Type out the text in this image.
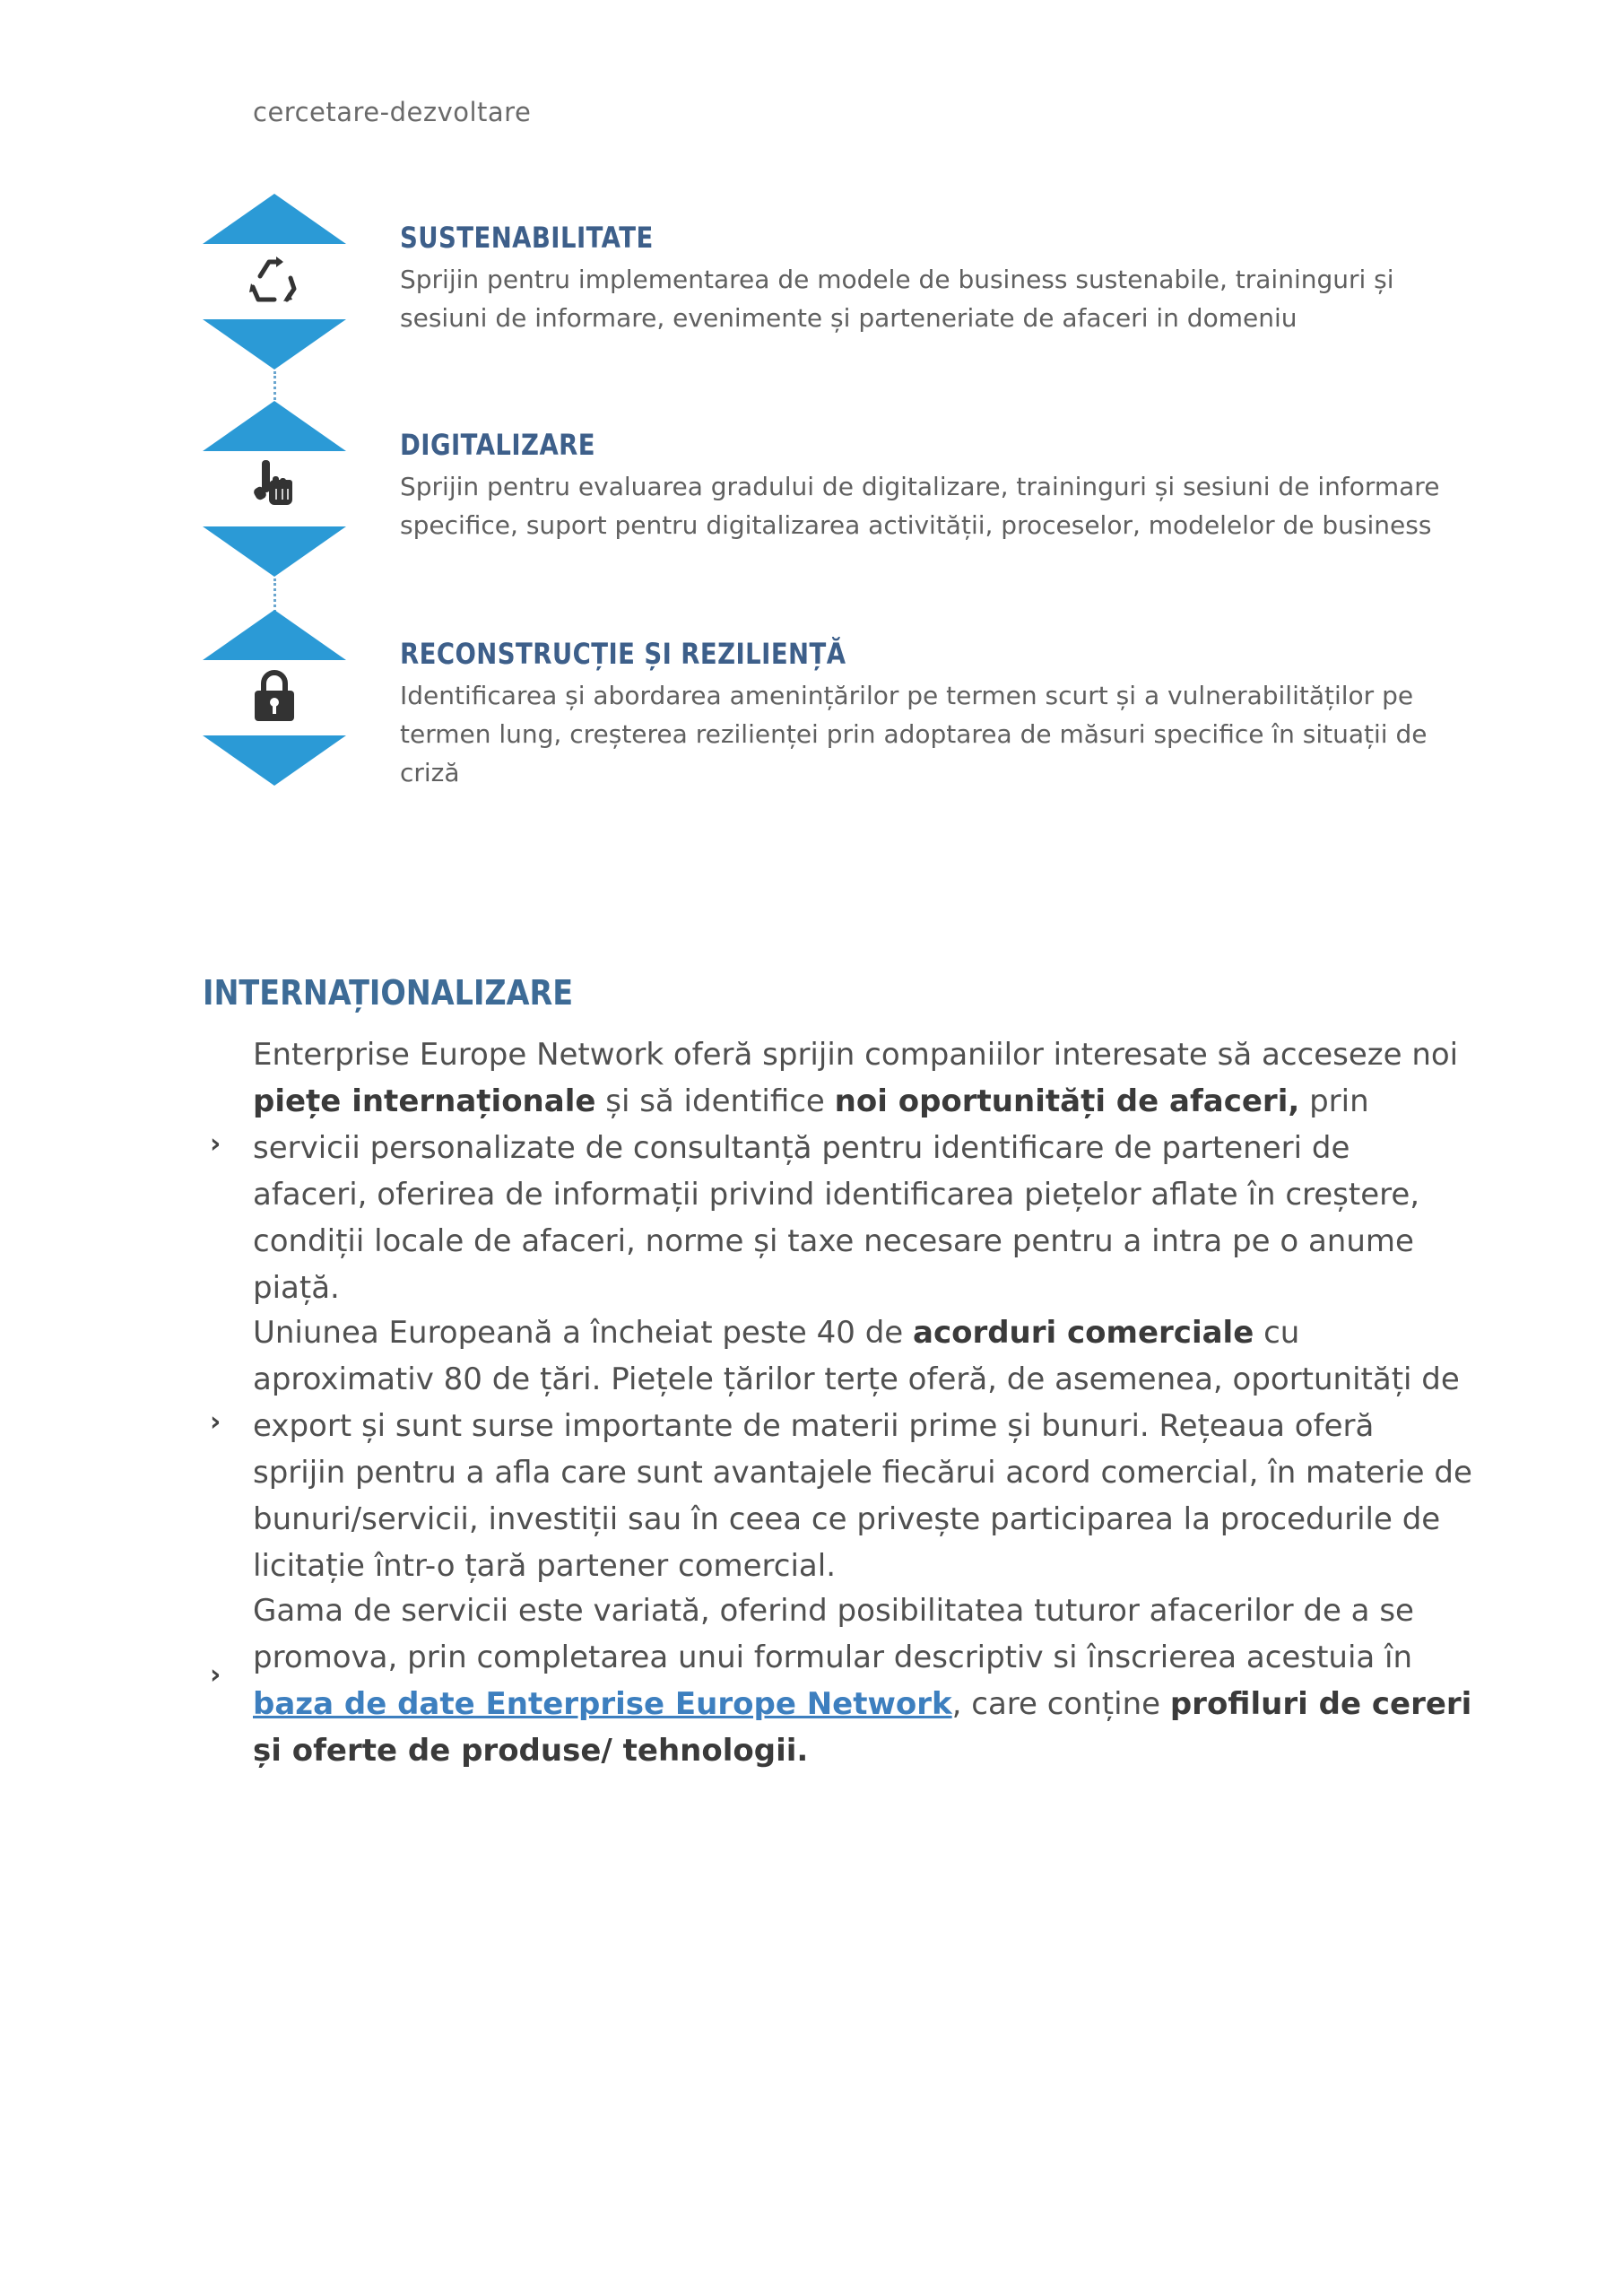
cercetare-dezvoltare
SUSTENABILITATE
Sprijin pentru implementarea de modele de business sustenabile, traininguri și sesiuni de informare, evenimente și parteneriate de afaceri in domeniu
DIGITALIZARE
Sprijin pentru evaluarea gradului de digitalizare, traininguri și sesiuni de informare specifice, suport pentru digitalizarea activității, proceselor, modelelor de business
RECONSTRUCȚIE ȘI REZILIENȚĂ
Identificarea și abordarea amenințărilor pe termen scurt și a vulnerabilităților pe termen lung, creșterea rezilienței prin adoptarea de măsuri specifice în situații de criză
INTERNAȚIONALIZARE
›
Enterprise Europe Network oferă sprijin companiilor interesate să acceseze noi piețe internaționale și să identifice noi oportunități de afaceri, prin servicii personalizate de consultanță pentru identificare de parteneri de afaceri, oferirea de informații privind identificarea piețelor aflate în creștere, condiții locale de afaceri, norme și taxe necesare pentru a intra pe o anume piață.
›
Uniunea Europeană a încheiat peste 40 de acorduri comerciale cu aproximativ 80 de țări. Piețele țărilor terțe oferă, de asemenea, oportunități de export și sunt surse importante de materii prime și bunuri. Rețeaua oferă sprijin pentru a afla care sunt avantajele fiecărui acord comercial, în materie de bunuri/servicii, investiții sau în ceea ce privește participarea la procedurile de licitație într-o țară partener comercial.
›
Gama de servicii este variată, oferind posibilitatea tuturor afacerilor de a se promova, prin completarea unui formular descriptiv si înscrierea acestuia în baza de date Enterprise Europe Network, care conține profiluri de cereri și oferte de produse/ tehnologii.
